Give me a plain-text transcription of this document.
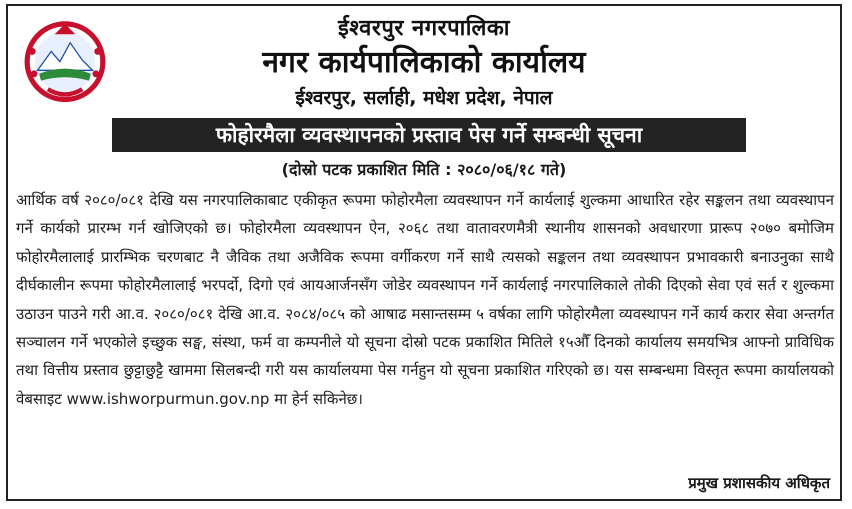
ईश्वरपुर नगरपालिका
नगर कार्यपालिकाको कार्यालय
ईश्वरपुर, सर्लाही, मधेश प्रदेश, नेपाल
फोहोरमैला व्यवस्थापनको प्रस्ताव पेस गर्ने सम्बन्धी सूचना
(दोस्रो पटक प्रकाशित मिति : २०८०/०६/१८ गते)
आर्थिक वर्ष २०८०/०८१ देखि यस नगरपालिकाबाट एकीकृत रूपमा फोहोरमैला व्यवस्थापन गर्ने कार्यलाई शुल्कमा आधारित रहेर सङ्कलन तथा व्यवस्थापन गर्ने कार्यको प्रारम्भ गर्न खोजिएको छ। फोहोरमैला व्यवस्थापन ऐन, २०६८ तथा वातावरणमैत्री स्थानीय शासनको अवधारणा प्रारूप २०७० बमोजिम फोहोरमैलालाई प्रारम्भिक चरणबाट नै जैविक तथा अजैविक रूपमा वर्गीकरण गर्ने साथै त्यसको सङ्कलन तथा व्यवस्थापन प्रभावकारी बनाउनुका साथै दीर्घकालीन रूपमा फोहोरमैलालाई भरपर्दो, दिगो एवं आयआर्जनसँग जोडेर व्यवस्थापन गर्ने कार्यलाई नगरपालिकाले तोकी दिएको सेवा एवं सर्त र शुल्कमा उठाउन पाउने गरी आ.व. २०८०/०८१ देखि आ.व. २०८४/०८५ को आषाढ मसान्तसम्म ५ वर्षका लागि फोहोरमैला व्यवस्थापन गर्ने कार्य करार सेवा अन्तर्गत सञ्चालन गर्ने भएकोले इच्छुक सङ्घ, संस्था, फर्म वा कम्पनीले यो सूचना दोस्रो पटक प्रकाशित मितिले १५औँ दिनको कार्यालय समयभित्र आफ्नो प्राविधिक तथा वित्तीय प्रस्ताव छुट्टाछुट्टै खाममा सिलबन्दी गरी यस कार्यालयमा पेस गर्नहुन यो सूचना प्रकाशित गरिएको छ। यस सम्बन्धमा विस्तृत रूपमा कार्यालयको वेबसाइट www.ishworpurmun.gov.np मा हेर्न सकिनेछ।
प्रमुख प्रशासकीय अधिकृत
